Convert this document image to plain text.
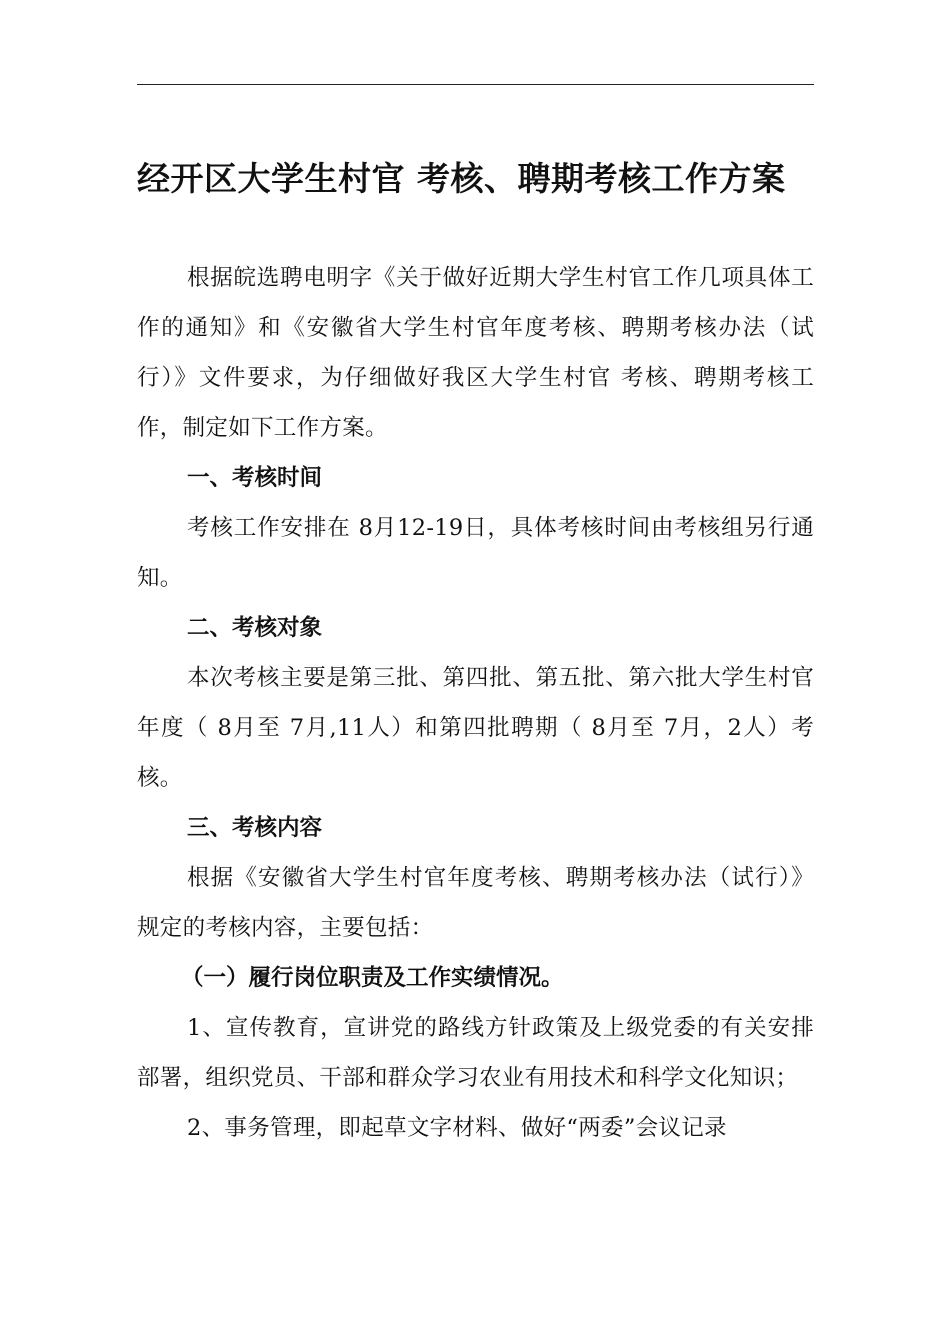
经开区大学生村官 考核、聘期考核工作方案

根据皖选聘电明字《关于做好近期大学生村官工作几项具体工作的通知》和《安徽省大学生村官年度考核、聘期考核办法（试行）》文件要求，为仔细做好我区大学生村官 考核、聘期考核工作，制定如下工作方案。

一、考核时间

考核工作安排在 8月12-19日，具体考核时间由考核组另行通知。

二、考核对象

本次考核主要是第三批、第四批、第五批、第六批大学生村官年度（ 8月至 7月,11人）和第四批聘期（ 8月至 7月，2人）考核。

三、考核内容

根据《安徽省大学生村官年度考核、聘期考核办法（试行）》规定的考核内容，主要包括：

（一）履行岗位职责及工作实绩情况。

1、宣传教育，宣讲党的路线方针政策及上级党委的有关安排部署，组织党员、干部和群众学习农业有用技术和科学文化知识；

2、事务管理，即起草文字材料、做好“两委”会议记录
